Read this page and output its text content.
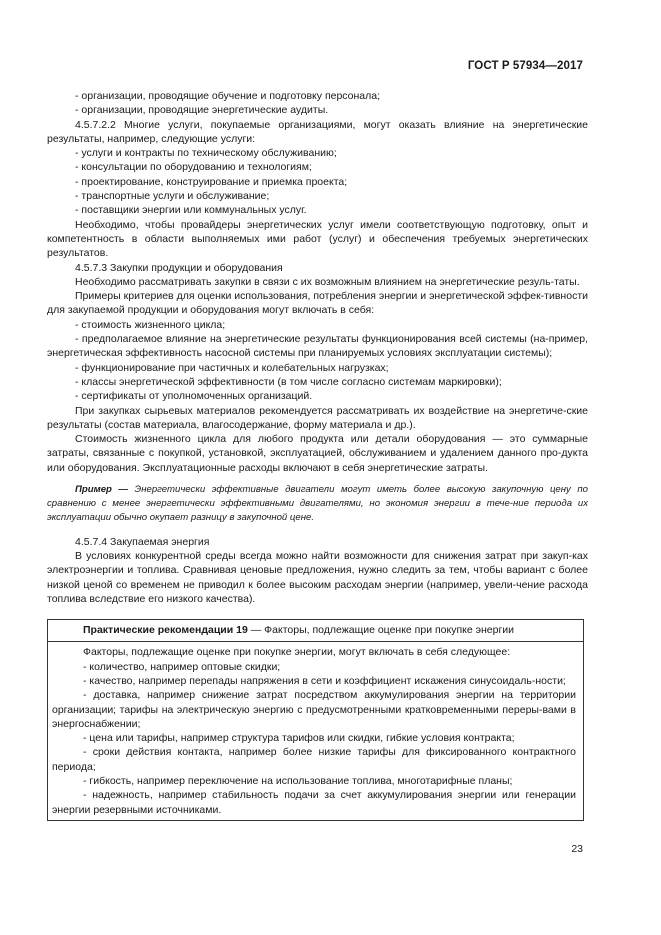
ГОСТ Р 57934—2017

- организации, проводящие обучение и подготовку персонала;

- организации, проводящие энергетические аудиты.

4.5.7.2.2 Многие услуги, покупаемые организациями, могут оказать влияние на энергетические результаты, например, следующие услуги:

- услуги и контракты по техническому обслуживанию;

- консультации по оборудованию и технологиям;

- проектирование, конструирование и приемка проекта;

- транспортные услуги и обслуживание;

- поставщики энергии или коммунальных услуг.

Необходимо, чтобы провайдеры энергетических услуг имели соответствующую подготовку, опыт и компетентность в области выполняемых ими работ (услуг) и обеспечения требуемых энергетических результатов.

4.5.7.3 Закупки продукции и оборудования

Необходимо рассматривать закупки в связи с их возможным влиянием на энергетические резуль-таты.

Примеры критериев для оценки использования, потребления энергии и энергетической эффек-тивности для закупаемой продукции и оборудования могут включать в себя:

- стоимость жизненного цикла;

- предполагаемое влияние на энергетические результаты функционирования всей системы (на-пример, энергетическая эффективность насосной системы при планируемых условиях эксплуатации системы);

- функционирование при частичных и колебательных нагрузках;

- классы энергетической эффективности (в том числе согласно системам маркировки);

- сертификаты от уполномоченных организаций.

При закупках сырьевых материалов рекомендуется рассматривать их воздействие на энергетиче-ские результаты (состав материала, влагосодержание, форму материала и др.).

Стоимость жизненного цикла для любого продукта или детали оборудования — это суммарные затраты, связанные с покупкой, установкой, эксплуатацией, обслуживанием и удалением данного про-дукта или оборудования. Эксплуатационные расходы включают в себя энергетические затраты.

Пример — Энергетически эффективные двигатели могут иметь более высокую закупочную цену по сравнению с менее энергетически эффективными двигателями, но экономия энергии в тече-ние периода их эксплуатации обычно окупает разницу в закупочной цене.

4.5.7.4 Закупаемая энергия

В условиях конкурентной среды всегда можно найти возможности для снижения затрат при закуп-ках электроэнергии и топлива. Сравнивая ценовые предложения, нужно следить за тем, чтобы вариант с более низкой ценой со временем не приводил к более высоким расходам энергии (например, увели-чение расхода топлива вследствие его низкого качества).

Практические рекомендации 19 — Факторы, подлежащие оценке при покупке энергии

Факторы, подлежащие оценке при покупке энергии, могут включать в себя следующее:

- количество, например оптовые скидки;

- качество, например перепады напряжения в сети и коэффициент искажения синусоидаль-ности;

- доставка, например снижение затрат посредством аккумулирования энергии на территории организации; тарифы на электрическую энергию с предусмотренными кратковременными переры-вами в энергоснабжении;

- цена или тарифы, например структура тарифов или скидки, гибкие условия контракта;

- сроки действия контакта, например более низкие тарифы для фиксированного контрактного периода;

- гибкость, например переключение на использование топлива, многотарифные планы;

- надежность, например стабильность подачи за счет аккумулирования энергии или генерации энергии резервными источниками.

23
